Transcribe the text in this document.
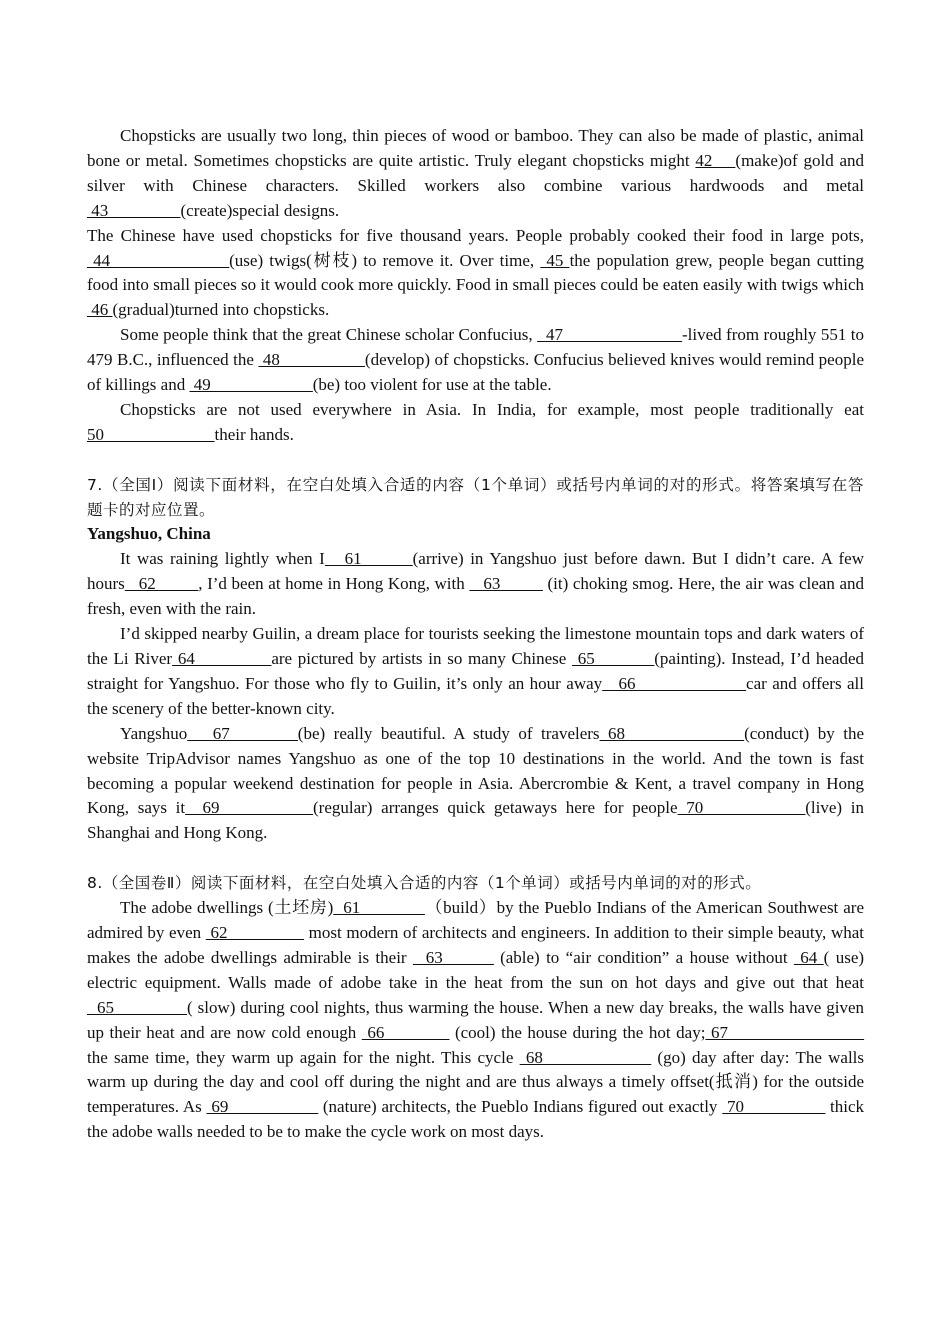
Chopsticks are usually two long, thin pieces of wood or bamboo. They can also be made of plastic, animal bone or metal. Sometimes chopsticks are quite artistic. Truly elegant chopsticks might 42    (make)of gold and silver with Chinese characters. Skilled workers also combine various hardwoods and metal  43________ (create)special designs.

The Chinese have used chopsticks for five thousand years. People probably cooked their food in large pots,  44______________(use) twigs(树枝) to remove it. Over time,  45 the population grew, people began cutting food into small pieces so it would cook more quickly. Food in small pieces could be eaten easily with twigs which  46 (gradual)turned into chopsticks.

Some people think that the great Chinese scholar Confucius,   47______________-lived from roughly 551 to 479 B.C., influenced the  48__________(develop) of chopsticks. Confucius believed knives would remind people of killings and  49____________(be) too violent for use at the table.

Chopsticks are not used everywhere in Asia. In India, for example, most people traditionally eat 50_____________their hands.

7.（全国Ⅰ）阅读下面材料，在空白处填入合适的内容（1个单词）或括号内单词的对的形式。将答案填写在答题卡的对应位置。

Yangshuo, China

It was raining lightly when I   61______(arrive) in Yangshuo just before dawn. But I didn’t care. A few hours   62_____, I’d been at home in Hong Kong, with    63_____ (it) choking smog. Here, the air was clean and fresh, even with the rain.

I’d skipped nearby Guilin, a dream place for tourists seeking the limestone mountain tops and dark waters of the Li River 64_________are pictured by artists in so many Chinese  65_______(painting). Instead, I’d headed straight for Yangshuo. For those who fly to Guilin, it’s only an hour away   66_____________car and offers all the scenery of the better-known city.

Yangshuo   67________(be) really beautiful. A study of travelers 68______________(conduct) by the website TripAdvisor names Yangshuo as one of the top 10 destinations in the world. And the town is fast becoming a popular weekend destination for people in Asia. Abercrombie & Kent, a travel company in Hong Kong, says it  69___________(regular) arranges quick getaways here for people 70____________(live) in Shanghai and Hong Kong.

8.（全国卷Ⅱ）阅读下面材料，在空白处填入合适的内容（1个单词）或括号内单词的对的形式。

The adobe dwellings (土坯房)  61 _______（build）by the Pueblo Indians of the American Southwest are admired by even  62_________ most modern of architects and engineers. In addition to their simple beauty, what makes the adobe dwellings admirable is their   63______ (able) to “air condition” a house without  64 ( use) electric equipment. Walls made of adobe take in the heat from the sun on hot days and give out that heat   65 ________( slow) during cool nights, thus warming the house. When a new day breaks, the walls have given up their heat and are now cold enough  66 _______ (cool) the house during the hot day; 67________________ the same time, they warm up again for the night. This cycle  68 ____________ (go) day after day: The walls warm up during the day and cool off during the night and are thus always a timely offset(抵消) for the outside temperatures. As  69 __________ (nature) architects, the Pueblo Indians figured out exactly  70 _________ thick the adobe walls needed to be to make the cycle work on most days.
